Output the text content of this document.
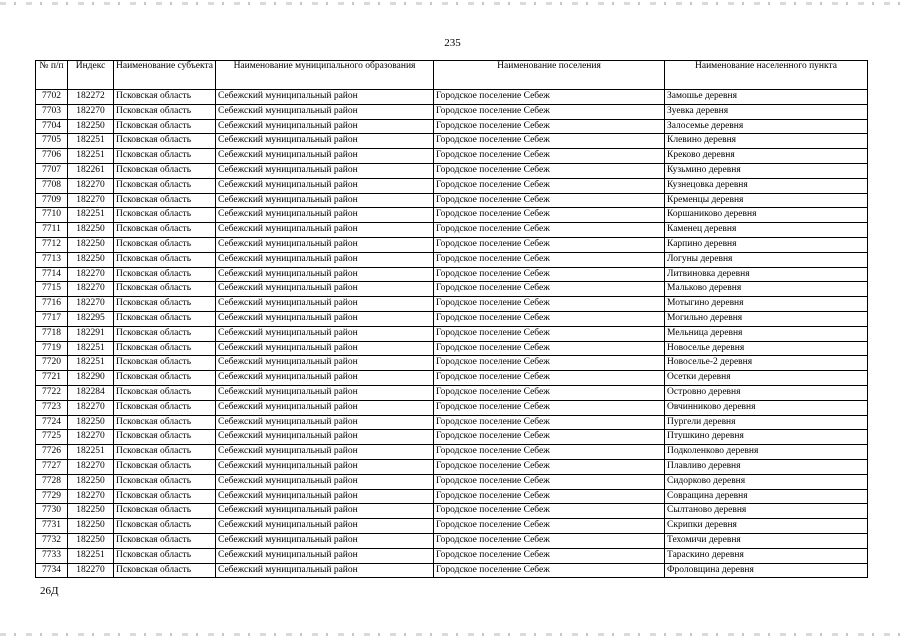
235
№ п/п	Индекс	Наименование субъекта	Наименование муниципального образования	Наименование поселения	Наименование населенного пункта
7702	182272	Псковская область	Себежский муниципальный район	Городское поселение Себеж	Замошье деревня
7703	182270	Псковская область	Себежский муниципальный район	Городское поселение Себеж	Зуевка деревня
7704	182250	Псковская область	Себежский муниципальный район	Городское поселение Себеж	Залосемье деревня
7705	182251	Псковская область	Себежский муниципальный район	Городское поселение Себеж	Клевино деревня
7706	182251	Псковская область	Себежский муниципальный район	Городское поселение Себеж	Креково деревня
7707	182261	Псковская область	Себежский муниципальный район	Городское поселение Себеж	Кузьмино деревня
7708	182270	Псковская область	Себежский муниципальный район	Городское поселение Себеж	Кузнецовка деревня
7709	182270	Псковская область	Себежский муниципальный район	Городское поселение Себеж	Кременцы деревня
7710	182251	Псковская область	Себежский муниципальный район	Городское поселение Себеж	Коршаниково деревня
7711	182250	Псковская область	Себежский муниципальный район	Городское поселение Себеж	Каменец деревня
7712	182250	Псковская область	Себежский муниципальный район	Городское поселение Себеж	Карпино деревня
7713	182250	Псковская область	Себежский муниципальный район	Городское поселение Себеж	Логуны деревня
7714	182270	Псковская область	Себежский муниципальный район	Городское поселение Себеж	Литвиновка деревня
7715	182270	Псковская область	Себежский муниципальный район	Городское поселение Себеж	Мальково деревня
7716	182270	Псковская область	Себежский муниципальный район	Городское поселение Себеж	Мотыгино деревня
7717	182295	Псковская область	Себежский муниципальный район	Городское поселение Себеж	Могильно деревня
7718	182291	Псковская область	Себежский муниципальный район	Городское поселение Себеж	Мельница деревня
7719	182251	Псковская область	Себежский муниципальный район	Городское поселение Себеж	Новоселье деревня
7720	182251	Псковская область	Себежский муниципальный район	Городское поселение Себеж	Новоселье-2 деревня
7721	182290	Псковская область	Себежский муниципальный район	Городское поселение Себеж	Осетки деревня
7722	182284	Псковская область	Себежский муниципальный район	Городское поселение Себеж	Островно деревня
7723	182270	Псковская область	Себежский муниципальный район	Городское поселение Себеж	Овчинниково деревня
7724	182250	Псковская область	Себежский муниципальный район	Городское поселение Себеж	Пургели деревня
7725	182270	Псковская область	Себежский муниципальный район	Городское поселение Себеж	Птушкино деревня
7726	182251	Псковская область	Себежский муниципальный район	Городское поселение Себеж	Подколенково деревня
7727	182270	Псковская область	Себежский муниципальный район	Городское поселение Себеж	Плавливо деревня
7728	182250	Псковская область	Себежский муниципальный район	Городское поселение Себеж	Сидорково деревня
7729	182270	Псковская область	Себежский муниципальный район	Городское поселение Себеж	Совращина деревня
7730	182250	Псковская область	Себежский муниципальный район	Городское поселение Себеж	Сылтаново деревня
7731	182250	Псковская область	Себежский муниципальный район	Городское поселение Себеж	Скрипки деревня
7732	182250	Псковская область	Себежский муниципальный район	Городское поселение Себеж	Техомичи деревня
7733	182251	Псковская область	Себежский муниципальный район	Городское поселение Себеж	Тараскино деревня
7734	182270	Псковская область	Себежский муниципальный район	Городское поселение Себеж	Фроловщина деревня
26Д
